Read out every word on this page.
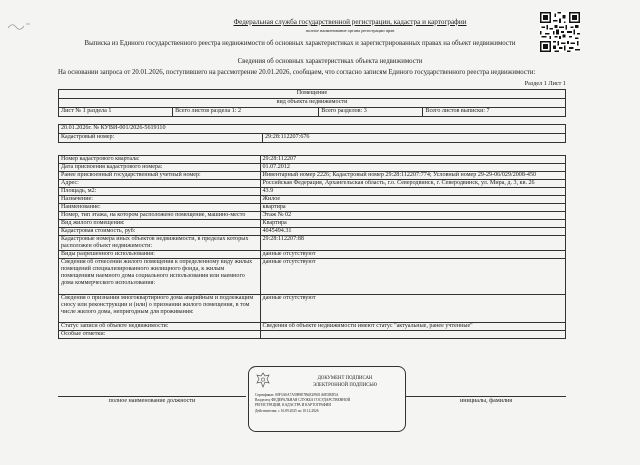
Федеральная служба государственной регистрации, кадастра и картографии
полное наименование органа регистрации прав
Выписка из Единого государственного реестра недвижимости об основных характеристиках и зарегистрированных правах на объект недвижимости
Сведения об основных характеристиках объекта недвижимости
На основании запроса от 20.01.2026, поступившего на рассмотрение 20.01.2026, сообщаем, что согласно записям Единого государственного реестра недвижимости:
Раздел 1 Лист 1
Помещение
вид объекта недвижимости
Лист № 1 раздела 1	Всего листов раздела 1: 2	Всего разделов: 3	Всего листов выписки: 7
20.01.2026г. № КУВИ-001/2026-5619110
Кадастровый номер:	29:28:112207:676
Номер кадастрового квартала:	29:28:112207
Дата присвоения кадастрового номера:	01.07.2012
Ранее присвоенный государственный учетный номер:	Инвентарный номер 2226; Кадастровый номер 29:28:112207:774; Условный номер 29-29-06/029/2008-450
Адрес:	Российская Федерация, Архангельская область, г.о. Северодвинск, г. Северодвинск, ул. Мира, д. 3, кв. 26
Площадь, м2:	43.9
Назначение:	Жилое
Наименование:	квартира
Номер, тип этажа, на котором расположено помещение, машино-место	Этаж № 02
Вид жилого помещения:	Квартира
Кадастровая стоимость, руб:	4045494.31
Кадастровые номера иных объектов недвижимости, в пределах которых расположен объект недвижимости:	29:28:112207:88
Виды разрешенного использования:	данные отсутствуют
Сведения об отнесении жилого помещения к определенному виду жилых помещений специализированного жилищного фонда, к жилым помещениям наемного дома социального использования или наемного дома коммерческого использования:	данные отсутствуют
Сведения о признании многоквартирного дома аварийным и подлежащим сносу или реконструкции и (или) о признании жилого помещения, в том числе жилого дома, непригодным для проживания:	данные отсутствуют
Статус записи об объекте недвижимости:	Сведения об объекте недвижимости имеют статус "актуальные, ранее учтенные"
Особые отметки:	
полное наименование должности	инициалы, фамилия
ДОКУМЕНТ ПОДПИСАН
ЭЛЕКТРОННОЙ ПОДПИСЬЮ
Сертификат: 00F3A0A7A5989E7B6E2F601A0E5BD5A
Владелец: ФЕДЕРАЛЬНАЯ СЛУЖБА ГОСУДАРСТВЕННОЙ
РЕГИСТРАЦИИ, КАДАСТРА И КАРТОГРАФИИ
Действителен: с 16.09.2025 по 10.12.2026
